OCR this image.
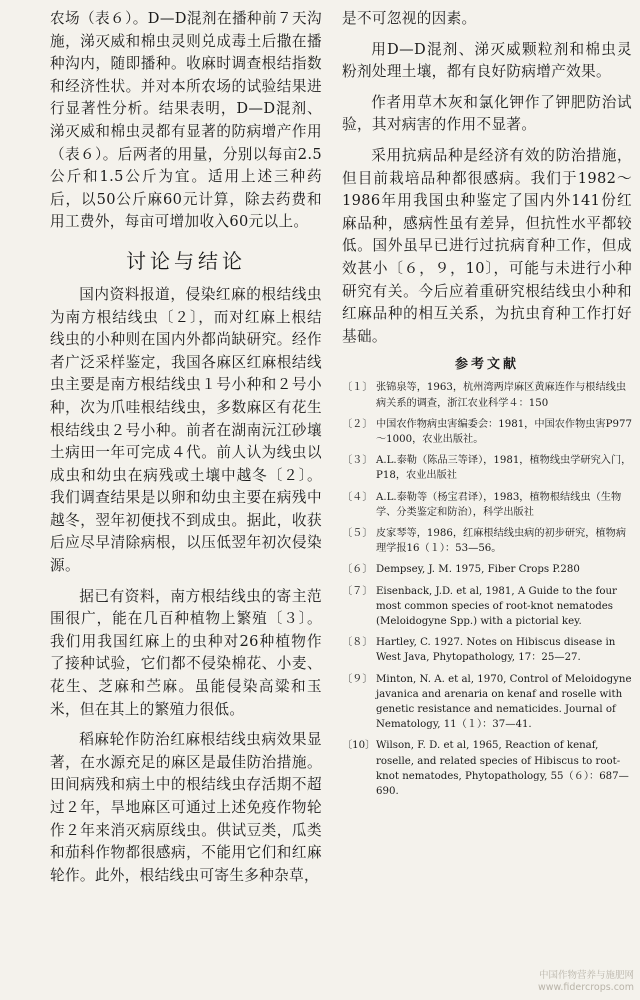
农场（表６）。D—D混剂在播种前７天沟施，涕灭威和棉虫灵则兑成毒土后撒在播种沟内，随即播种。收麻时调查根结指数和经济性状。并对本所农场的试验结果进行显著性分析。结果表明，D—D混剂、涕灭威和棉虫灵都有显著的防病增产作用（表６）。后两者的用量，分别以每亩2.5公斤和1.5公斤为宜。适用上述三种药后，以50公斤麻60元计算，除去药费和用工费外，每亩可增加收入60元以上。

讨论与结论

国内资料报道，侵染红麻的根结线虫为南方根结线虫〔２〕，而对红麻上根结线虫的小种则在国内外都尚缺研究。经作者广泛采样鉴定，我国各麻区红麻根结线虫主要是南方根结线虫１号小种和２号小种，次为爪哇根结线虫，多数麻区有花生根结线虫２号小种。前者在湖南沅江砂壤土病田一年可完成４代。前人认为线虫以成虫和幼虫在病残或土壤中越冬〔２〕。我们调查结果是以卵和幼虫主要在病残中越冬，翌年初便找不到成虫。据此，收获后应尽早清除病根，以压低翌年初次侵染源。

据已有资料，南方根结线虫的寄主范围很广，能在几百种植物上繁殖〔３〕。我们用我国红麻上的虫种对26种植物作了接种试验，它们都不侵染棉花、小麦、花生、芝麻和苎麻。虽能侵染高粱和玉米，但在其上的繁殖力很低。

稻麻轮作防治红麻根结线虫病效果显著，在水源充足的麻区是最佳防治措施。田间病残和病土中的根结线虫存活期不超过２年，旱地麻区可通过上述免疫作物轮作２年来消灭病原线虫。供试豆类，瓜类和茄科作物都很感病，不能用它们和红麻轮作。此外，根结线虫可寄生多种杂草，

是不可忽视的因素。

用D—D混剂、涕灭威颗粒剂和棉虫灵粉剂处理土壤，都有良好防病增产效果。

作者用草木灰和氯化钾作了钾肥防治试验，其对病害的作用不显著。

采用抗病品种是经济有效的防治措施，但目前栽培品种都很感病。我们于1982～1986年用我国虫种鉴定了国内外141份红麻品种，感病性虽有差异，但抗性水平都较低。国外虽早已进行过抗病育种工作，但成效甚小〔６，９，10〕，可能与未进行小种研究有关。今后应着重研究根结线虫小种和红麻品种的相互关系，为抗虫育种工作打好基础。

参考文献
〔１〕 张锦泉等，1963，杭州湾两岸麻区黄麻连作与根结线虫病关系的调查，浙江农业科学４：150
〔２〕 中国农作物病虫害编委会：1981，中国农作物虫害P977～1000，农业出版社。
〔３〕 A.L.泰勒（陈品三等译），1981，植物线虫学研究入门，P18，农业出版社
〔４〕 A.L.泰勒等（杨宝君译），1983，植物根结线虫（生物学、分类鉴定和防治），科学出版社
〔５〕 皮家琴等，1986，红麻根结线虫病的初步研究，植物病理学报16（１）：53—56。
〔６〕 Dempsey, J. M. 1975, Fiber Crops P.280
〔７〕 Eisenback, J.D. et al, 1981, A Guide to the four most common species of root-knot nematodes (Meloidogyne Spp.) with a pictorial key.
〔８〕 Hartley, C. 1927. Notes on Hibiscus disease in West Java, Phytopathology, 17：25—27.
〔９〕 Minton, N. A. et al, 1970, Control of Meloidogyne javanica and arenaria on kenaf and roselle with genetic resistance and nematicides. Journal of Nematology, 11（１）：37—41.
〔10〕 Wilson, F. D. et al, 1965, Reaction of kenaf, roselle, and related species of Hibiscus to root-knot nematodes, Phytopathology, 55（６）：687—690.
中国作物营养与施肥网
www.fidercrops.com
